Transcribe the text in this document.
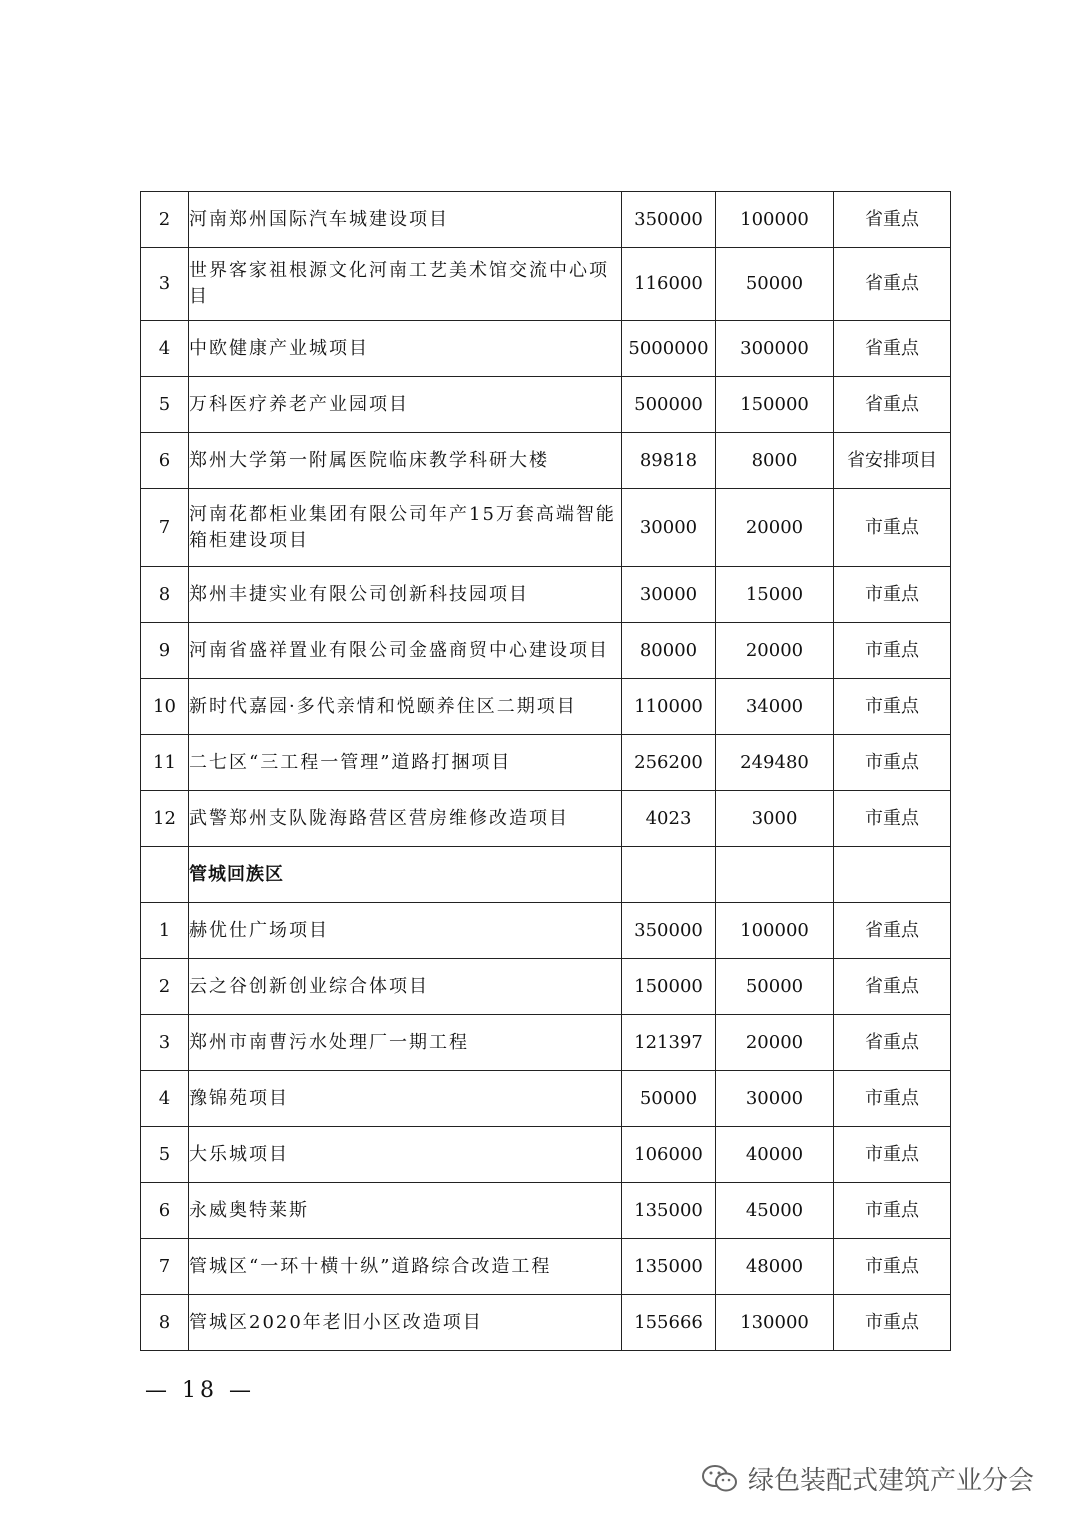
2	河南郑州国际汽车城建设项目	350000	100000	省重点
3	世界客家祖根源文化河南工艺美术馆交流中心项目	116000	50000	省重点
4	中欧健康产业城项目	5000000	300000	省重点
5	万科医疗养老产业园项目	500000	150000	省重点
6	郑州大学第一附属医院临床教学科研大楼	89818	8000	省安排项目
7	河南花都柜业集团有限公司年产15万套高端智能箱柜建设项目	30000	20000	市重点
8	郑州丰捷实业有限公司创新科技园项目	30000	15000	市重点
9	河南省盛祥置业有限公司金盛商贸中心建设项目	80000	20000	市重点
10	新时代嘉园·多代亲情和悦颐养住区二期项目	110000	34000	市重点
11	二七区“三工程一管理”道路打捆项目	256200	249480	市重点
12	武警郑州支队陇海路营区营房维修改造项目	4023	3000	市重点
	管城回族区			
1	赫优仕广场项目	350000	100000	省重点
2	云之谷创新创业综合体项目	150000	50000	省重点
3	郑州市南曹污水处理厂一期工程	121397	20000	省重点
4	豫锦苑项目	50000	30000	市重点
5	大乐城项目	106000	40000	市重点
6	永威奥特莱斯	135000	45000	市重点
7	管城区“一环十横十纵”道路综合改造工程	135000	48000	市重点
8	管城区2020年老旧小区改造项目	155666	130000	市重点
— 18 —
绿色装配式建筑产业分会
